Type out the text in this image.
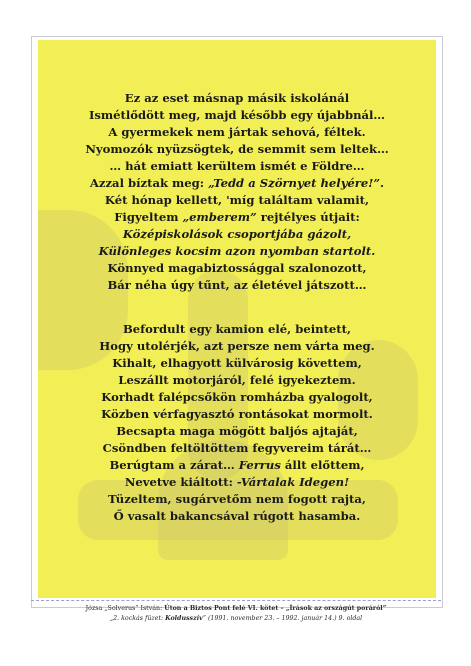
Ez az eset másnap másik iskolánál
Ismétlődött meg, majd később egy újabbnál…
A gyermekek nem jártak sehová, féltek.
Nyomozók nyüzsögtek, de semmit sem leltek…
… hát emiatt kerültem ismét e Földre…
Azzal bíztak meg: „Tedd a Szörnyet helyére!”.
Két hónap kellett, 'míg találtam valamit,
Figyeltem „emberem” rejtélyes útjait:
Középiskolások csoportjába gázolt,
Különleges kocsim azon nyomban startolt.
Könnyed magabiztossággal szalonozott,
Bár néha úgy tűnt, az életével játszott…
Befordult egy kamion elé, beintett,
Hogy utolérjék, azt persze nem várta meg.
Kihalt, elhagyott külvárosig követtem,
Leszállt motorjáról, felé igyekeztem.
Korhadt falépcsőkön romházba gyalogolt,
Közben vérfagyasztó rontásokat mormolt.
Becsapta maga mögött baljós ajtaját,
Csöndben feltöltöttem fegyvereim tárát…
Berúgtam a zárat… Ferrus állt előttem,
Nevetve kiáltott: -Vártalak Idegen!
Tüzeltem, sugárvetőm nem fogott rajta,
Ő vasalt bakancsával rúgott hasamba.
Józsa „Solverus” István: Úton a Biztos Pont felé VI. kötet – „Írások az országút poráról”
„2. kockás füzet: Koldusszív” (1991. november 23. – 1992. január 14.) 9. oldal
